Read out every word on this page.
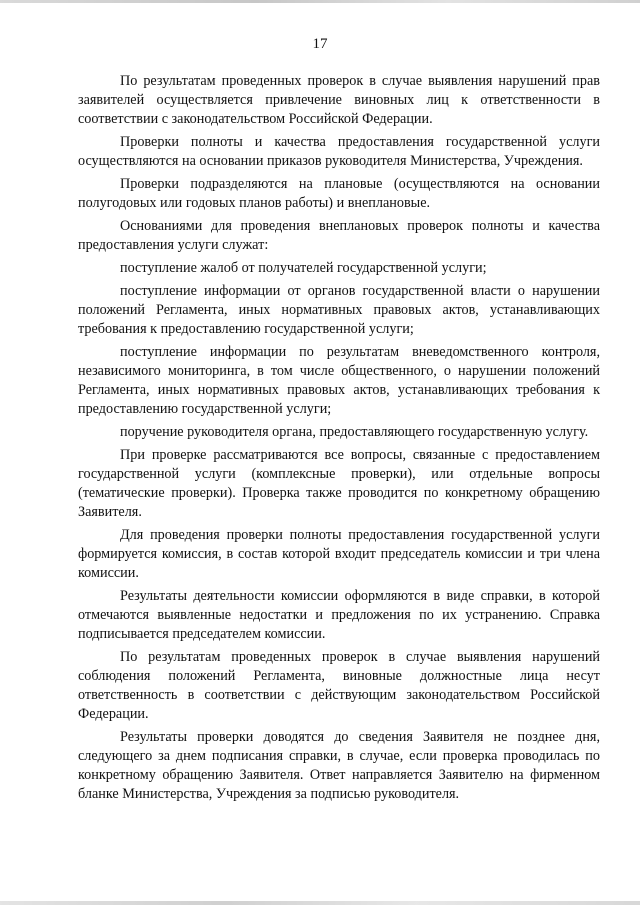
17

По результатам проведенных проверок в случае выявления нарушений прав заявителей осуществляется привлечение виновных лиц к ответственности в соответствии с законодательством Российской Федерации.

Проверки полноты и качества предоставления государственной услуги осуществляются на основании приказов руководителя Министерства, Учреждения.

Проверки подразделяются на плановые (осуществляются на основании полугодовых или годовых планов работы) и внеплановые.

Основаниями для проведения внеплановых проверок полноты и качества предоставления услуги служат:

поступление жалоб от получателей государственной услуги;

поступление информации от органов государственной власти о нарушении положений Регламента, иных нормативных правовых актов, устанавливающих требования к предоставлению государственной услуги;

поступление информации по результатам вневедомственного контроля, независимого мониторинга, в том числе общественного, о нарушении положений Регламента, иных нормативных правовых актов, устанавливающих требования к предоставлению государственной услуги;

поручение руководителя органа, предоставляющего государственную услугу.

При проверке рассматриваются все вопросы, связанные с предоставлением государственной услуги (комплексные проверки), или отдельные вопросы (тематические проверки). Проверка также проводится по конкретному обращению Заявителя.

Для проведения проверки полноты предоставления государственной услуги формируется комиссия, в состав которой входит председатель комиссии и три члена комиссии.

Результаты деятельности комиссии оформляются в виде справки, в которой отмечаются выявленные недостатки и предложения по их устранению. Справка подписывается председателем комиссии.

По результатам проведенных проверок в случае выявления нарушений соблюдения положений Регламента, виновные должностные лица несут ответственность в соответствии с действующим законодательством Российской Федерации.

Результаты проверки доводятся до сведения Заявителя не позднее дня, следующего за днем подписания справки, в случае, если проверка проводилась по конкретному обращению Заявителя. Ответ направляется Заявителю на фирменном бланке Министерства, Учреждения за подписью руководителя.
